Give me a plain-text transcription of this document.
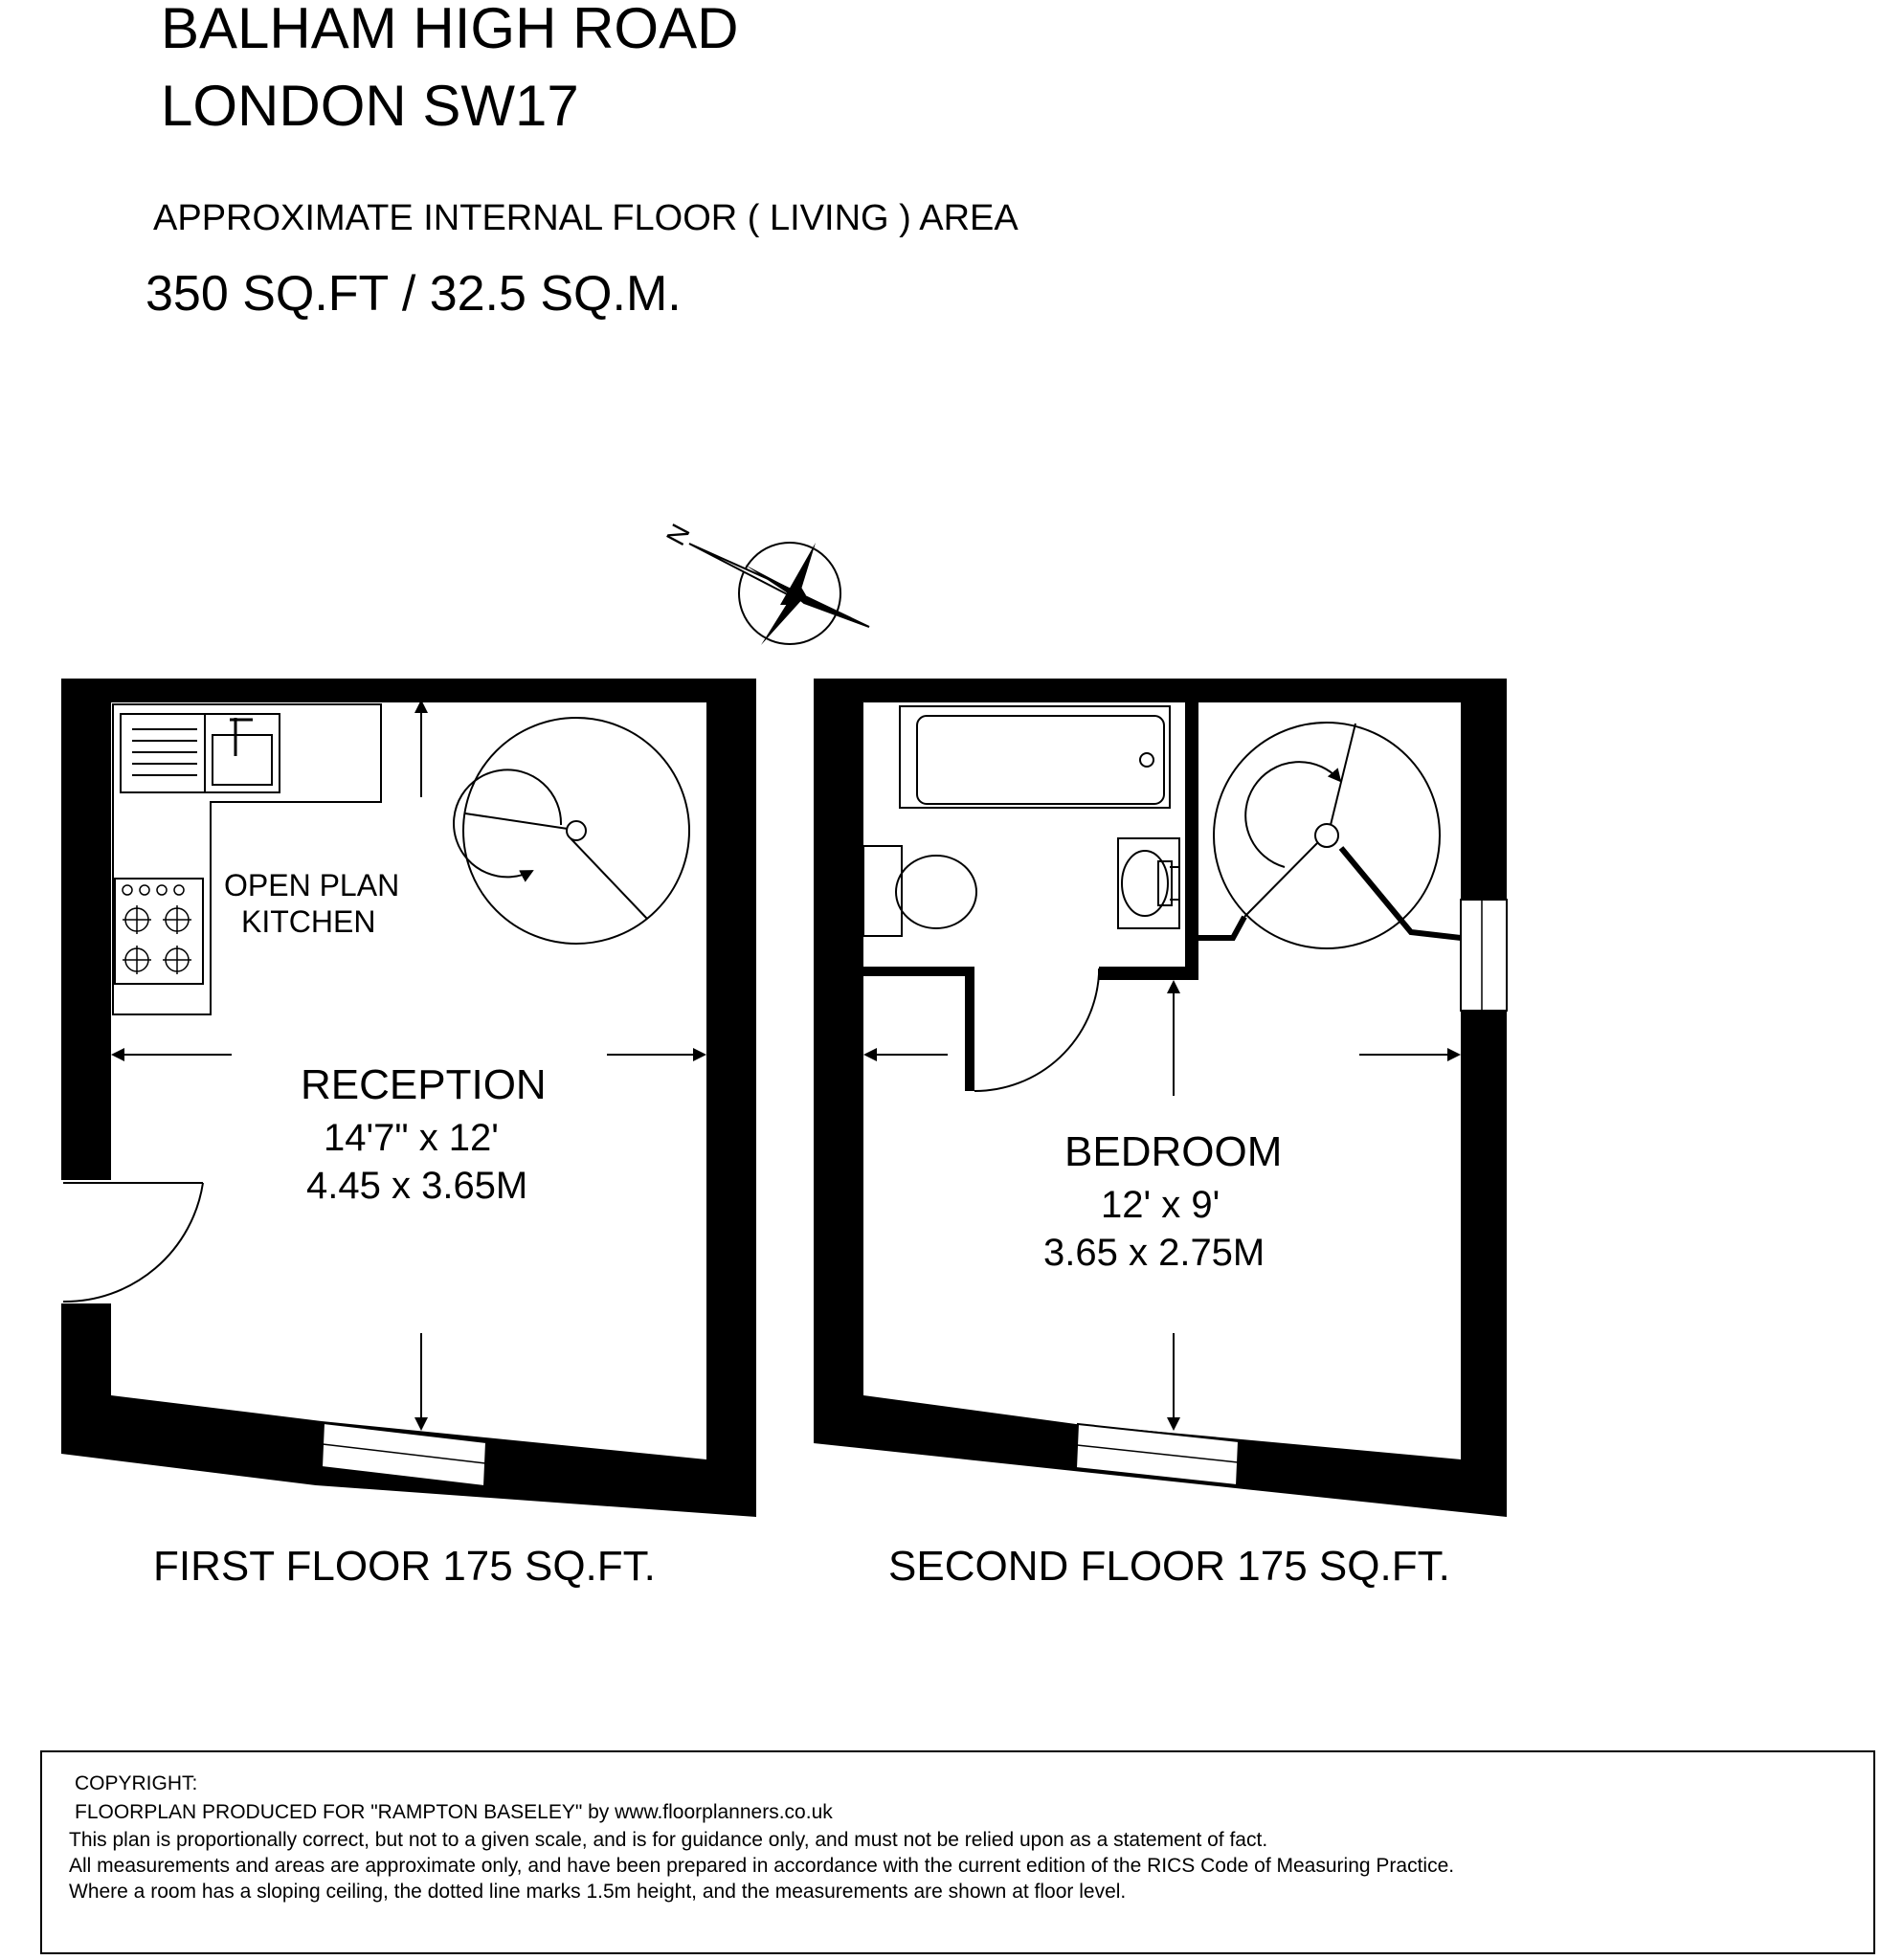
BALHAM HIGH ROAD
LONDON SW17
APPROXIMATE INTERNAL FLOOR ( LIVING ) AREA
350 SQ.FT / 32.5 SQ.M.
N
OPEN PLAN
KITCHEN
RECEPTION
14'7" x 12'
4.45 x 3.65M
BEDROOM
12' x 9'
3.65 x 2.75M
FIRST FLOOR 175 SQ.FT.	SECOND FLOOR 175 SQ.FT.
COPYRIGHT:
FLOORPLAN PRODUCED FOR "RAMPTON BASELEY" by www.floorplanners.co.uk
This plan is proportionally correct, but not to a given scale, and is for guidance only, and must not be relied upon as a statement of fact.
All measurements and areas are approximate only, and have been prepared in accordance with the current edition of the RICS Code of Measuring Practice.
Where a room has a sloping ceiling, the dotted line marks 1.5m height, and the measurements are shown at floor level.
